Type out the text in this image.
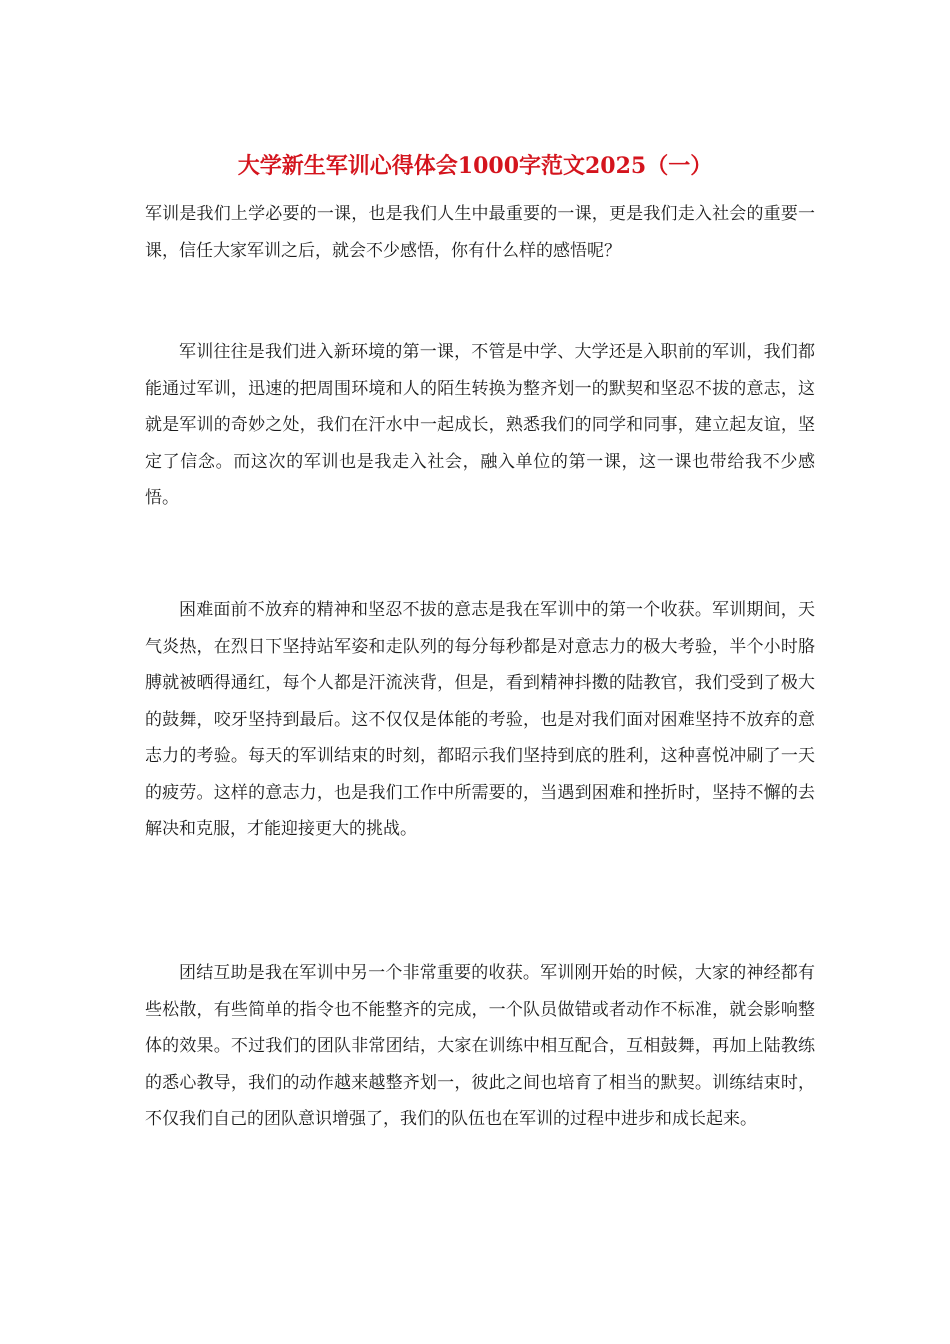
大学新生军训心得体会1000字范文2025（一）
军训是我们上学必要的一课，也是我们人生中最重要的一课，更是我们走入社会的重要一课，信任大家军训之后，就会不少感悟，你有什么样的感悟呢？
军训往往是我们进入新环境的第一课，不管是中学、大学还是入职前的军训，我们都能通过军训，迅速的把周围环境和人的陌生转换为整齐划一的默契和坚忍不拔的意志，这就是军训的奇妙之处，我们在汗水中一起成长，熟悉我们的同学和同事，建立起友谊，坚定了信念。而这次的军训也是我走入社会，融入单位的第一课，这一课也带给我不少感悟。
困难面前不放弃的精神和坚忍不拔的意志是我在军训中的第一个收获。军训期间，天气炎热，在烈日下坚持站军姿和走队列的每分每秒都是对意志力的极大考验，半个小时胳膊就被晒得通红，每个人都是汗流浃背，但是，看到精神抖擞的陆教官，我们受到了极大的鼓舞，咬牙坚持到最后。这不仅仅是体能的考验，也是对我们面对困难坚持不放弃的意志力的考验。每天的军训结束的时刻，都昭示我们坚持到底的胜利，这种喜悦冲刷了一天的疲劳。这样的意志力，也是我们工作中所需要的，当遇到困难和挫折时，坚持不懈的去解决和克服，才能迎接更大的挑战。
团结互助是我在军训中另一个非常重要的收获。军训刚开始的时候，大家的神经都有些松散，有些简单的指令也不能整齐的完成，一个队员做错或者动作不标准，就会影响整体的效果。不过我们的团队非常团结，大家在训练中相互配合，互相鼓舞，再加上陆教练的悉心教导，我们的动作越来越整齐划一，彼此之间也培育了相当的默契。训练结束时，不仅我们自己的团队意识增强了，我们的队伍也在军训的过程中进步和成长起来。
